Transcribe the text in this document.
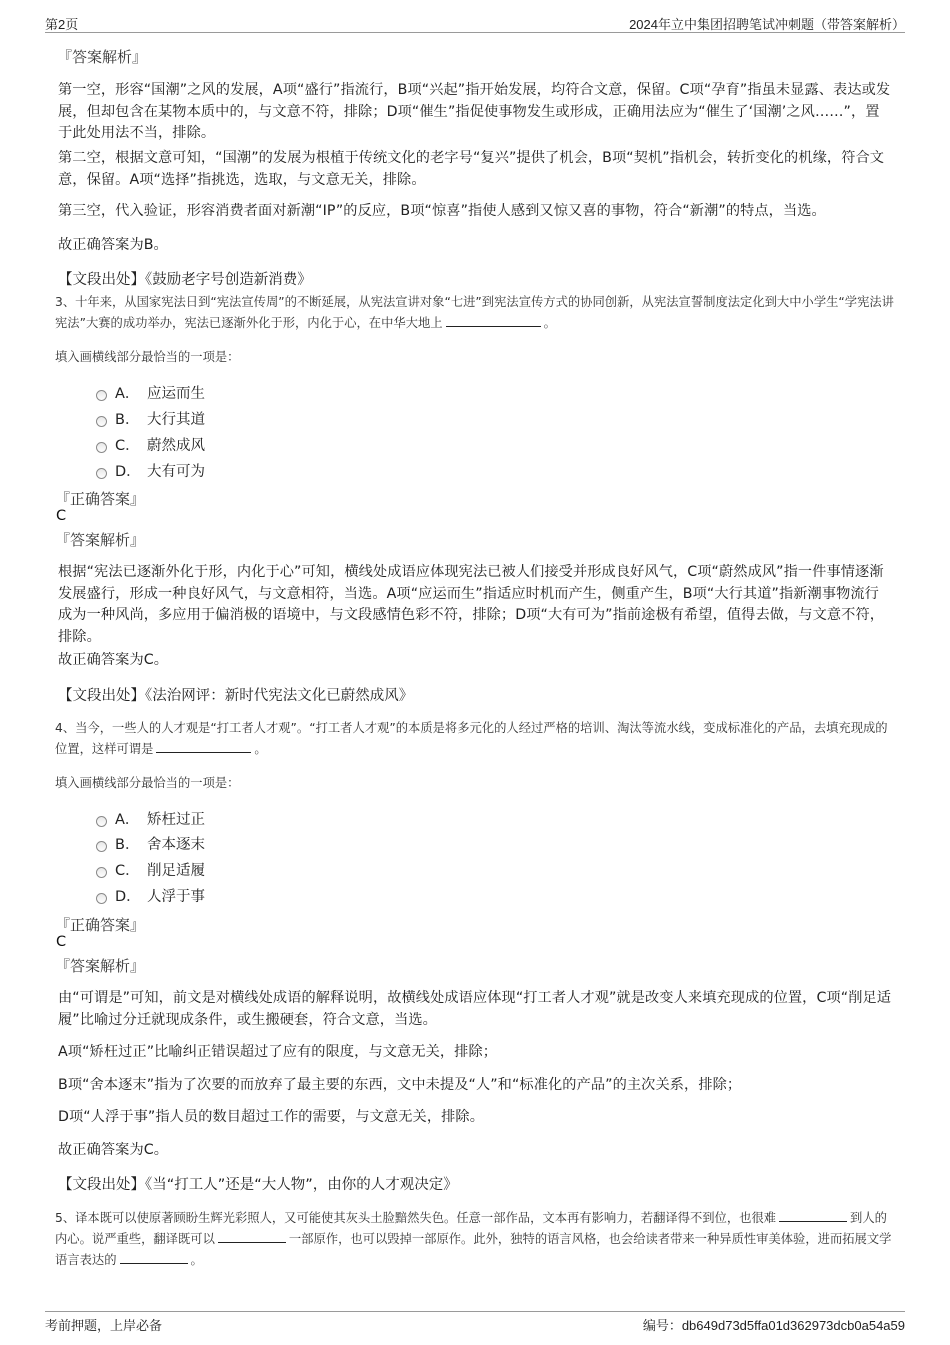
第2页	2024年立中集团招聘笔试冲刺题（带答案解析）
『答案解析』
第一空，形容“国潮”之风的发展，A项“盛行”指流行，B项“兴起”指开始发展，均符合文意，保留。C项“孕育”指虽未显露、表达或发展，但却包含在某物本质中的，与文意不符，排除；D项“催生”指促使事物发生或形成，正确用法应为“催生了‘国潮’之风……”，置于此处用法不当，排除。
第二空，根据文意可知，“国潮”的发展为根植于传统文化的老字号“复兴”提供了机会，B项“契机”指机会，转折变化的机缘，符合文意，保留。A项“选择”指挑选，选取，与文意无关，排除。
第三空，代入验证，形容消费者面对新潮“IP”的反应，B项“惊喜”指使人感到又惊又喜的事物，符合“新潮”的特点，当选。
故正确答案为B。
【文段出处】《鼓励老字号创造新消费》
3、十年来，从国家宪法日到“宪法宣传周”的不断延展，从宪法宣讲对象“七进”到宪法宣传方式的协同创新，从宪法宣誓制度法定化到大中小学生“学宪法讲宪法”大赛的成功举办，宪法已逐渐外化于形，内化于心，在中华大地上	。
填入画横线部分最恰当的一项是：
A． 应运而生
B． 大行其道
C． 蔚然成风
D． 大有可为
『正确答案』
C
『答案解析』
根据“宪法已逐渐外化于形，内化于心”可知，横线处成语应体现宪法已被人们接受并形成良好风气，C项“蔚然成风”指一件事情逐渐发展盛行，形成一种良好风气，与文意相符，当选。A项“应运而生”指适应时机而产生，侧重产生，B项“大行其道”指新潮事物流行成为一种风尚，多应用于偏消极的语境中，与文段感情色彩不符，排除；D项“大有可为”指前途极有希望，值得去做，与文意不符，排除。
故正确答案为C。
【文段出处】《法治网评：新时代宪法文化已蔚然成风》
4、当今，一些人的人才观是“打工者人才观”。“打工者人才观”的本质是将多元化的人经过严格的培训、淘汰等流水线，变成标准化的产品，去填充现成的位置，这样可谓是	。
填入画横线部分最恰当的一项是：
A． 矫枉过正
B． 舍本逐末
C． 削足适履
D． 人浮于事
『正确答案』
C
『答案解析』
由“可谓是”可知，前文是对横线处成语的解释说明，故横线处成语应体现“打工者人才观”就是改变人来填充现成的位置，C项“削足适履”比喻过分迁就现成条件，或生搬硬套，符合文意，当选。
A项“矫枉过正”比喻纠正错误超过了应有的限度，与文意无关，排除；
B项“舍本逐末”指为了次要的而放弃了最主要的东西，文中未提及“人”和“标准化的产品”的主次关系，排除；
D项“人浮于事”指人员的数目超过工作的需要，与文意无关，排除。
故正确答案为C。
【文段出处】《当“打工人”还是“大人物”，由你的人才观决定》
5、译本既可以使原著顾盼生辉光彩照人，又可能使其灰头土脸黯然失色。任意一部作品，文本再有影响力，若翻译得不到位，也很难	到人的内心。说严重些，翻译既可以	一部原作，也可以毁掉一部原作。此外，独特的语言风格，也会给读者带来一种异质性审美体验，进而拓展文学语言表达的	。
考前押题，上岸必备	编号：db649d73d5ffa01d362973dcb0a54a59
